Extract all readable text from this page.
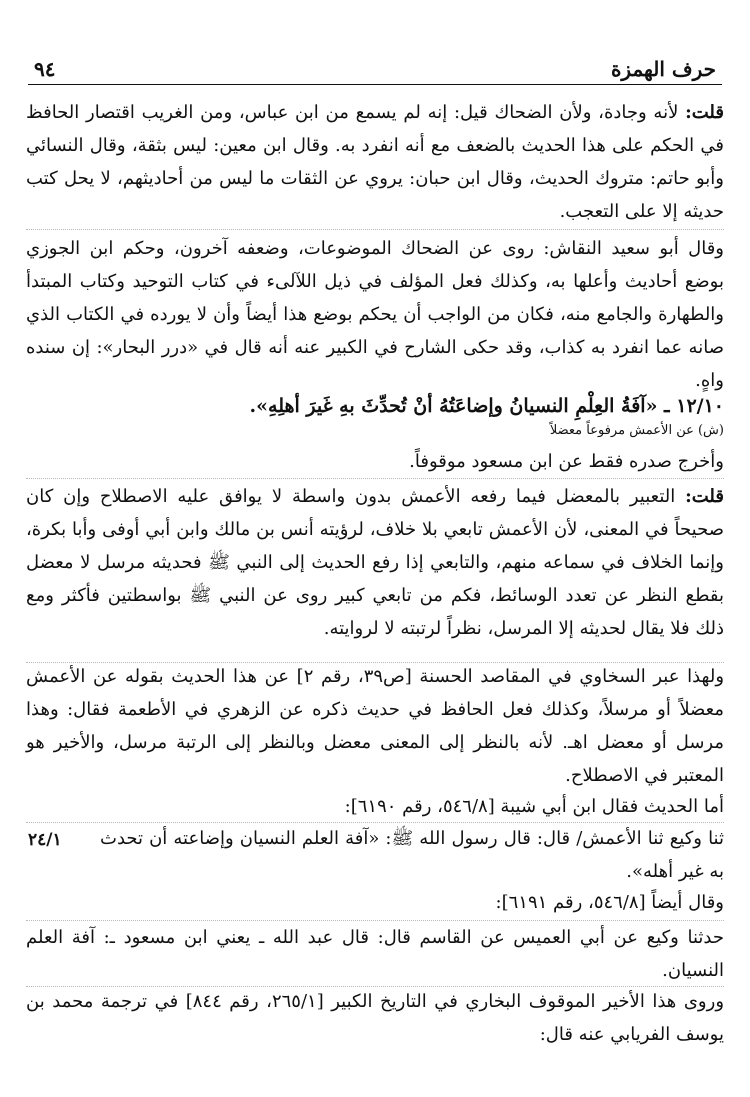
حرف الهمزة
٩٤
قلت: لأنه وجادة، ولأن الضحاك قيل: إنه لم يسمع من ابن عباس، ومن الغريب اقتصار الحافظ في الحكم على هذا الحديث بالضعف مع أنه انفرد به. وقال ابن معين: ليس بثقة، وقال النسائي وأبو حاتم: متروك الحديث، وقال ابن حبان: يروي عن الثقات ما ليس من أحاديثهم، لا يحل كتب حديثه إلا على التعجب.
وقال أبو سعيد النقاش: روى عن الضحاك الموضوعات، وضعفه آخرون، وحكم ابن الجوزي بوضع أحاديث وأعلها به، وكذلك فعل المؤلف في ذيل اللآلىء في كتاب التوحيد وكتاب المبتدأ والطهارة والجامع منه، فكان من الواجب أن يحكم بوضع هذا أيضاً وأن لا يورده في الكتاب الذي صانه عما انفرد به كذاب، وقد حكى الشارح في الكبير عنه أنه قال في «درر البحار»: إن سنده واهٍ.
١٢/١٠ ـ «آفَةُ العِلْمِ النسيانُ وإضاعَتُهُ أنْ تُحدِّثَ بهِ غَيرَ أهلِهِ».
(ش) عن الأعمش مرفوعاً معضلاً
وأخرج صدره فقط عن ابن مسعود موقوفاً.
قلت: التعبير بالمعضل فيما رفعه الأعمش بدون واسطة لا يوافق عليه الاصطلاح وإن كان صحيحاً في المعنى، لأن الأعمش تابعي بلا خلاف، لرؤيته أنس بن مالك وابن أبي أوفى وأبا بكرة، وإنما الخلاف في سماعه منهم، والتابعي إذا رفع الحديث إلى النبي ﷺ فحديثه مرسل لا معضل بقطع النظر عن تعدد الوسائط، فكم من تابعي كبير روى عن النبي ﷺ بواسطتين فأكثر ومع ذلك فلا يقال لحديثه إلا المرسل، نظراً لرتبته لا لروايته.
ولهذا عبر السخاوي في المقاصد الحسنة [ص٣٩، رقم ٢] عن هذا الحديث بقوله عن الأعمش معضلاً أو مرسلاً، وكذلك فعل الحافظ في حديث ذكره عن الزهري في الأطعمة فقال: وهذا مرسل أو معضل اهـ. لأنه بالنظر إلى المعنى معضل وبالنظر إلى الرتبة مرسل، والأخير هو المعتبر في الاصطلاح.
أما الحديث فقال ابن أبي شيبة [٥٤٦/٨، رقم ٦١٩٠]:
٢٤/١ ثنا وكيع ثنا الأعمش/ قال: قال رسول الله ﷺ: «آفة العلم النسيان وإضاعته أن تحدث به غير أهله».
وقال أيضاً [٥٤٦/٨، رقم ٦١٩١]:
حدثنا وكيع عن أبي العميس عن القاسم قال: قال عبد الله ـ يعني ابن مسعود ـ: آفة العلم النسيان.
وروى هذا الأخير الموقوف البخاري في التاريخ الكبير [٢٦٥/١، رقم ٨٤٤] في ترجمة محمد بن يوسف الفريابي عنه قال:
